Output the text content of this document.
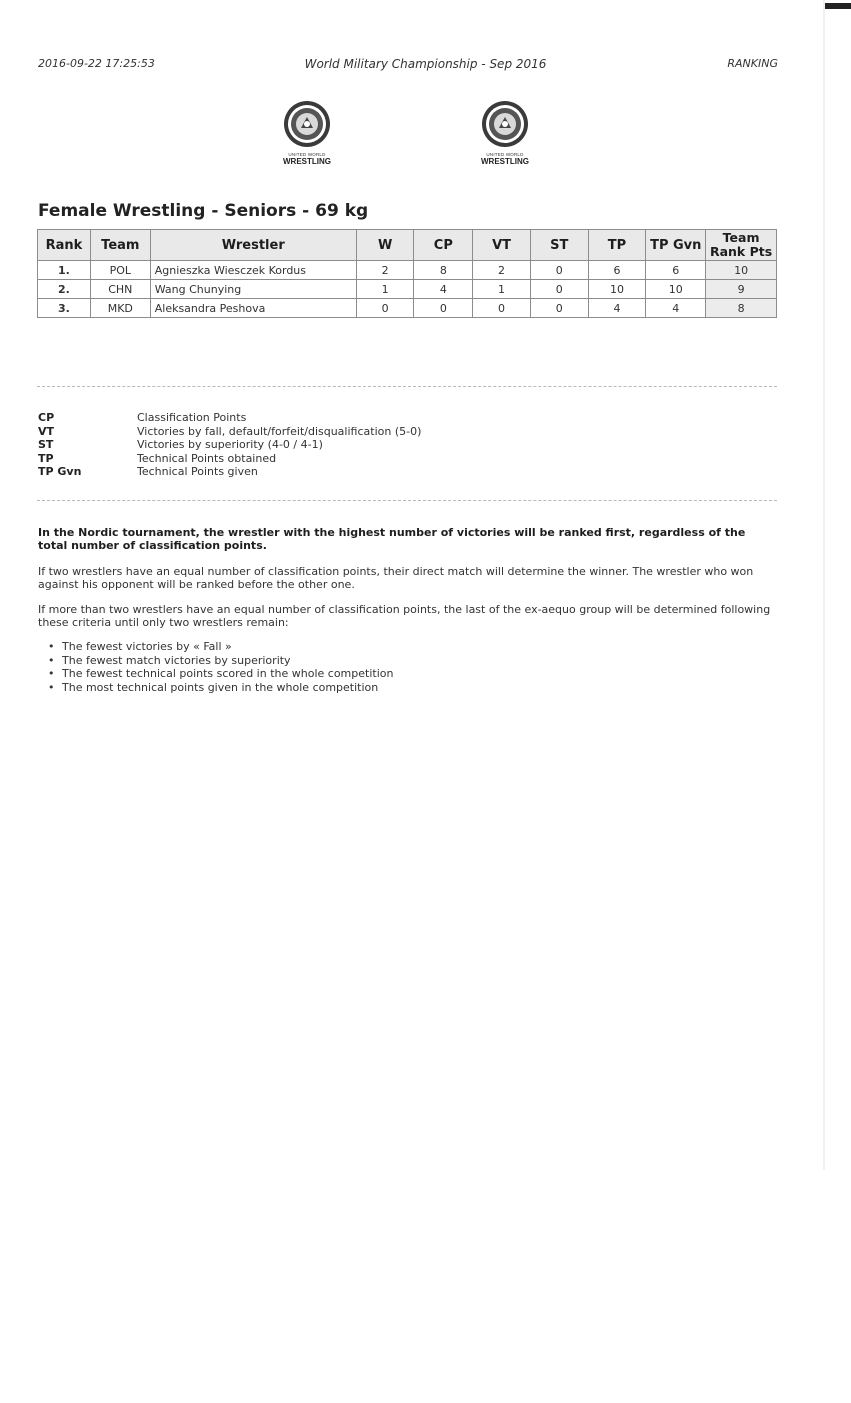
2016-09-22 17:25:53	World Military Championship - Sep 2016	RANKING
UNITED WORLD
WRESTLING
UNITED WORLD
WRESTLING
Female Wrestling - Seniors - 69 kg
Rank	Team	Wrestler	W	CP	VT	ST	TP	TP Gvn	Team Rank Pts
1.	POL	Agnieszka Wiesczek Kordus	2	8	2	0	6	6	10
2.	CHN	Wang Chunying	1	4	1	0	10	10	9
3.	MKD	Aleksandra Peshova	0	0	0	0	4	4	8
CP	Classification Points
VT	Victories by fall, default/forfeit/disqualification (5-0)
ST	Victories by superiority (4-0 / 4-1)
TP	Technical Points obtained
TP Gvn	Technical Points given

In the Nordic tournament, the wrestler with the highest number of victories will be ranked first, regardless of the total number of classification points.

If two wrestlers have an equal number of classification points, their direct match will determine the winner. The wrestler who won against his opponent will be ranked before the other one.

If more than two wrestlers have an equal number of classification points, the last of the ex-aequo group will be determined following these criteria until only two wrestlers remain:

• The fewest victories by « Fall »
• The fewest match victories by superiority
• The fewest technical points scored in the whole competition
• The most technical points given in the whole competition
